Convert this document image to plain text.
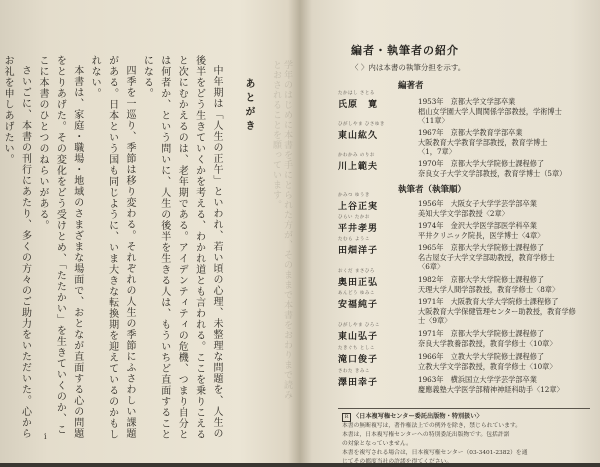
学年のはじめに本書を手にとられた方が、そのままで本書をおわりまで読みとおされることを願っています。
あとがき

中年期は「人生の正午」といわれ、若い頃の心理、未整理な問題を、人生の後半をどう生きていくかを考える、わかれ道とも言われる。ここを乗りこえると次にむかえるのは、老年期である。アイデンティティの危機、つまり自分とは何者か、という問いに、人生の後半を生きる人は、もういちど直面することになる。

四季を一巡り、季節は移り変わる。それぞれの人生の季節にふさわしい課題がある。日本という国も同じように、いま大きな転換期を迎えているのかもしれない。

本書は、家庭・職場・地域のさまざまな場面で、おとなが直面する心の問題をとりあげた。その変化をどう受けとめ、「たたかい」を生きていくのか、ここに本書のひとつのねらいがある。

さいごに、本書の刊行にあたり、多くの方々のご助力をいただいた。心からお礼を申しあげたい。

i
編者・執筆者の紹介
〈 〉内は本書の執筆分担を示す。
編著者
たかはし さとる
氏原　寛	1953年　京都大学文学部卒業
椙山女学園大学人間関係学部教授，学術博士
〈11章〉
ひがしやま ひさゆき
東山紘久	1967年　京都大学教育学部卒業
大阪教育大学教育学部教授，教育学博士
〈1，7章〉
かわかみ のりお
川上範夫	1970年　京都大学大学院修士課程修了
奈良女子大学文学部教授，教育学博士（5章）
執筆者（執筆順）
かみつ ゆうき
上谷正実	1956年　大阪女子大学学芸学部卒業
美知大学文学部教授〈2章〉
ひらい たかお
平井孝男	1974年　金沢大学医学部医学科卒業
平井クリニック院長，医学博士〈4章〉
たむら ようこ
田畑洋子	1965年　京都大学大学院修士課程修了
名古屋女子大学文学部助教授，教育学修士
〈6章〉
おくだ まさひろ
奥田正弘	1982年　京都大学大学院修士課程修了
天理大学人間学部教授，教育学修士〈8章〉
あんどう ゆみこ
安福純子	1971年　大阪教育大学大学院修士課程修了
大阪教育大学保健管理センター助教授，教育学修
士〈9章〉
ひがしやま ひろこ
東山弘子	1971年　京都大学大学院修士課程修了
奈良大学教養部教授，教育学修士〈10章〉
たきぐち としこ
滝口俊子	1966年　立教大学大学院修士課程修了
立教大学文学部教授，教育学修士〈10章〉
さわた きみこ
澤田幸子	1963年　横浜国立大学学芸学部卒業
慶應義塾大学医学部精神神経科助手〈12章〉
R 〈日本複写権センター委託出版物・特別扱い〉
本書の無断複写は，著作権法上での例外を除き，禁じられています。
本書は，日本複写権センターへの特別委託出版物です。包括許諾
の対象となっていません。
本書を複写される場合は，日本複写権センター（03-3401-2382）を通
じてその都度当社の許諾を得てください。
